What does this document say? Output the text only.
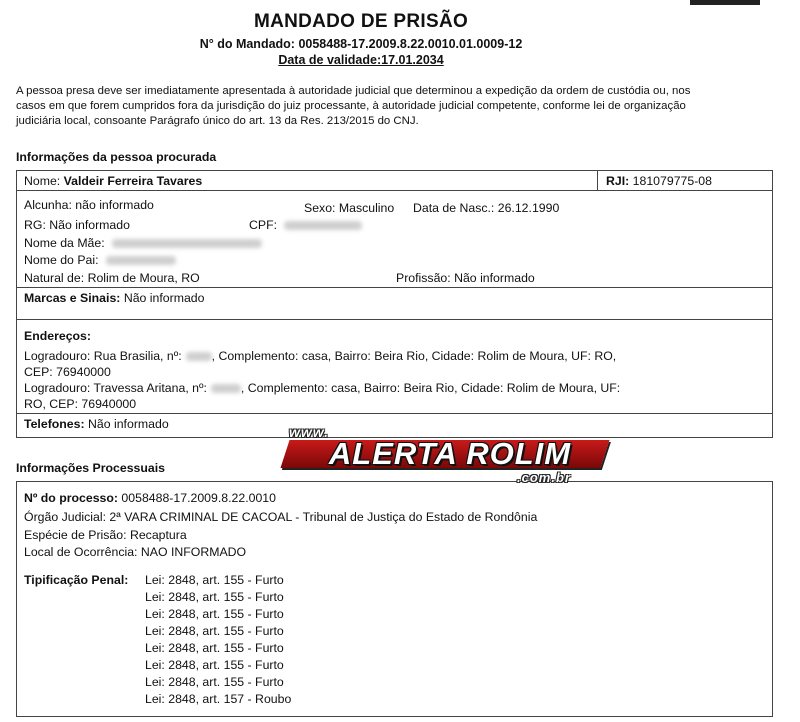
MANDADO DE PRISÃO
N° do Mandado: 0058488-17.2009.8.22.0010.01.0009-12
Data de validade:17.01.2034
A pessoa presa deve ser imediatamente apresentada à autoridade judicial que determinou a expedição da ordem de custódia ou, nos
casos em que forem cumpridos fora da jurisdição do juiz processante, à autoridade judicial competente, conforme lei de organização
judiciária local, consoante Parágrafo único do art. 13 da Res. 213/2015 do CNJ.
Informações da pessoa procurada
Nome: Valdeir Ferreira Tavares	RJI: 181079775-08
Alcunha: não informado	Sexo: Masculino Data de Nasc.: 26.12.1990
RG: Não informado	CPF:
Nome da Mãe:
Nome do Pai:
Natural de: Rolim de Moura, RO	Profissão: Não informado
Marcas e Sinais: Não informado
Endereços:
Logradouro: Rua Brasilia, nº: , Complemento: casa, Bairro: Beira Rio, Cidade: Rolim de Moura, UF: RO,
CEP: 76940000
Logradouro: Travessa Aritana, nº:	, Complemento: casa, Bairro: Beira Rio, Cidade: Rolim de Moura, UF:
RO, CEP: 76940000
Telefones: Não informado
Informações Processuais
Nº do processo: 0058488-17.2009.8.22.0010
Órgão Judicial: 2ª VARA CRIMINAL DE CACOAL - Tribunal de Justiça do Estado de Rondônia
Espécie de Prisão: Recaptura
Local de Ocorrência: NAO INFORMADO
Tipificação Penal: Lei: 2848, art. 155 - Furto
Lei: 2848, art. 155 - Furto
Lei: 2848, art. 155 - Furto
Lei: 2848, art. 155 - Furto
Lei: 2848, art. 155 - Furto
Lei: 2848, art. 155 - Furto
Lei: 2848, art. 155 - Furto
Lei: 2848, art. 157 - Roubo
www.
ALERTA ROLIM
.com.br
